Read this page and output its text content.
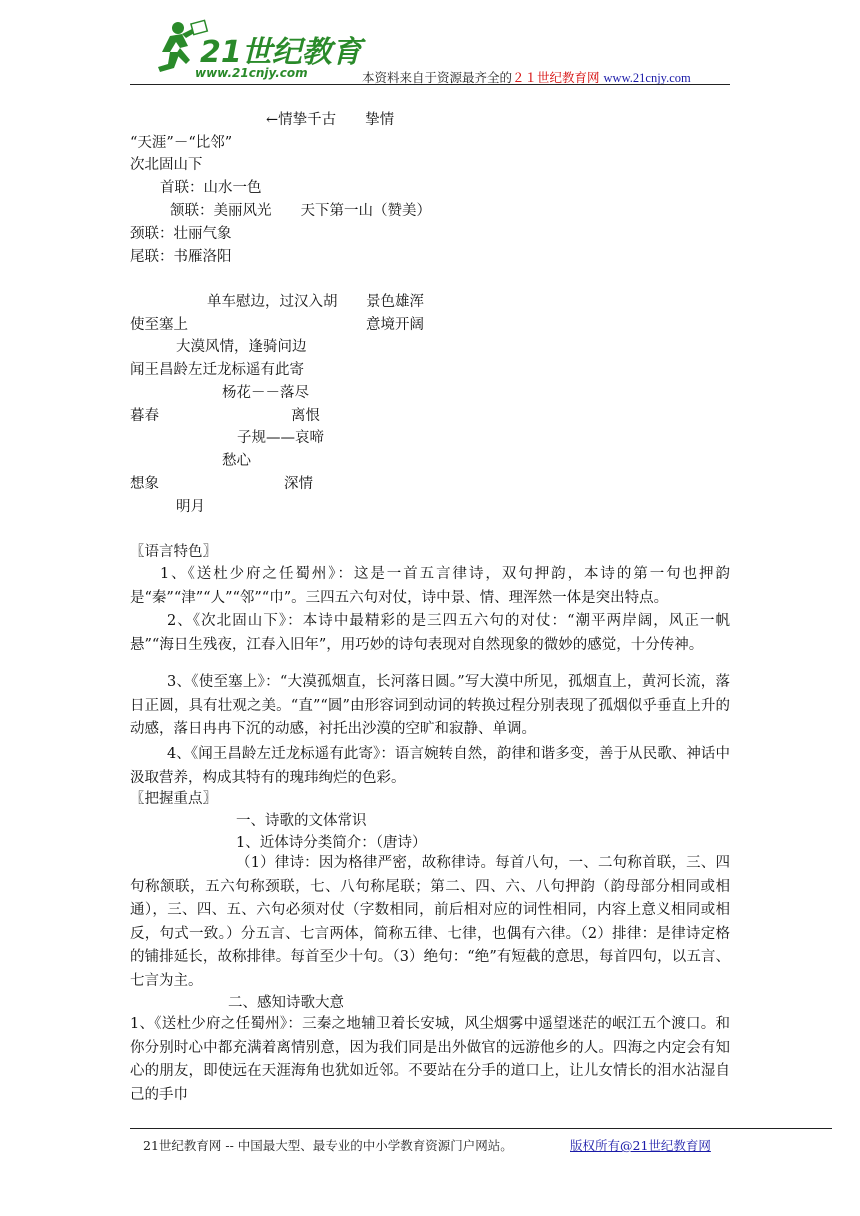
21世纪教育
www.21cnjy.com	本资料来自于资源最齐全的２１世纪教育网 www.21cnjy.com
←情挚千古　　挚情
“天涯”－“比邻”
次北固山下
首联：山水一色
颔联：美丽风光　　天下第一山（赞美）
颈联：壮丽气象
尾联：书雁洛阳
单车慰边，过汉入胡 景色雄浑
使至塞上	意境开阔
大漠风情，逢骑问边
闻王昌龄左迁龙标遥有此寄
杨花－－落尽
暮春	离恨
子规——哀啼
愁心
想象	深情
明月
〖语言特色〗
1、《送杜少府之任蜀州》：这是一首五言律诗，双句押韵，本诗的第一句也押韵是“秦”“津”“人”“邻”“巾”。三四五六句对仗，诗中景、情、理浑然一体是突出特点。
2、《次北固山下》：本诗中最精彩的是三四五六句的对仗：“潮平两岸阔，风正一帆悬”“海日生残夜，江春入旧年”，用巧妙的诗句表现对自然现象的微妙的感觉，十分传神。
3、《使至塞上》：“大漠孤烟直，长河落日圆。”写大漠中所见，孤烟直上，黄河长流，落日正圆，具有壮观之美。“直”“圆”由形容词到动词的转换过程分别表现了孤烟似乎垂直上升的动感，落日冉冉下沉的动感，衬托出沙漠的空旷和寂静、单调。
4、《闻王昌龄左迁龙标遥有此寄》：语言婉转自然，韵律和谐多变，善于从民歌、神话中汲取营养，构成其特有的瑰玮绚烂的色彩。
〖把握重点〗
一、诗歌的文体常识
1、近体诗分类简介：（唐诗）
（1）律诗：因为格律严密，故称律诗。每首八句，一、二句称首联，三、四句称颔联，五六句称颈联，七、八句称尾联；第二、四、六、八句押韵（韵母部分相同或相通），三、四、五、六句必须对仗（字数相同，前后相对应的词性相同，内容上意义相同或相反，句式一致。）分五言、七言两体，简称五律、七律，也偶有六律。（2）排律：是律诗定格的铺排延长，故称排律。每首至少十句。（3）绝句：“绝”有短截的意思，每首四句，以五言、七言为主。
二、感知诗歌大意
1、《送杜少府之任蜀州》：三秦之地辅卫着长安城，风尘烟雾中遥望迷茫的岷江五个渡口。和你分别时心中都充满着离情别意，因为我们同是出外做官的远游他乡的人。四海之内定会有知心的朋友，即使远在天涯海角也犹如近邻。不要站在分手的道口上，让儿女情长的泪水沾湿自己的手巾
21世纪教育网 -- 中国最大型、最专业的中小学教育资源门户网站。	版权所有@21世纪教育网
